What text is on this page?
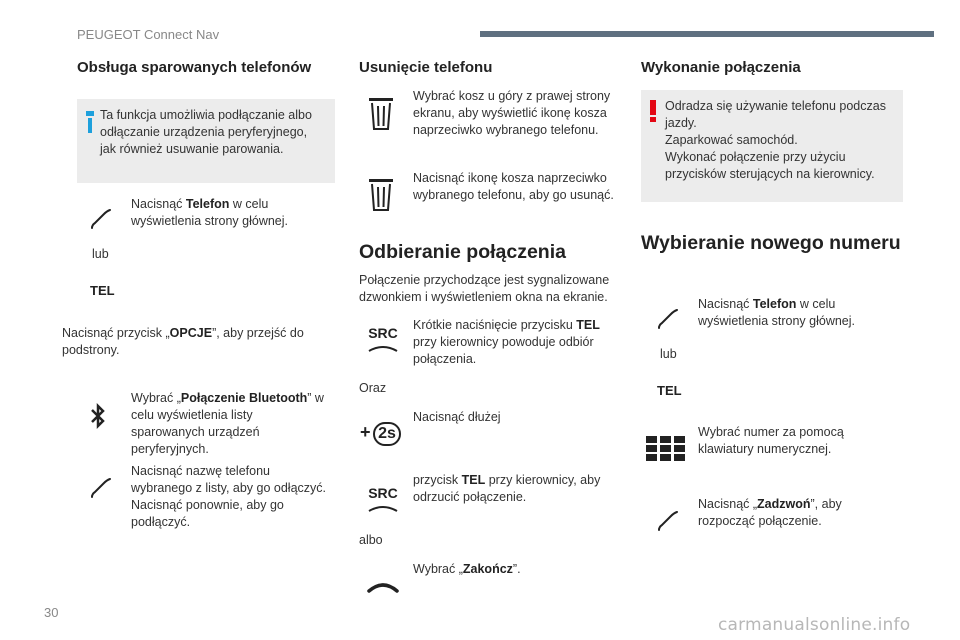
PEUGEOT Connect Nav
30
carmanualsonline.info
Obsługa sparowanych telefonów

Ta funkcja umożliwia podłączanie albo odłączanie urządzenia peryferyjnego, jak również usuwanie parowania.

Nacisnąć Telefon w celu wyświetlenia strony głównej.

lub
TEL

Nacisnąć przycisk „OPCJE”, aby przejść do podstrony.

Wybrać „Połączenie Bluetooth” w celu wyświetlenia listy sparowanych urządzeń peryferyjnych.

Nacisnąć nazwę telefonu wybranego z listy, aby go odłączyć. Nacisnąć ponownie, aby go podłączyć.

Usunięcie telefonu

Wybrać kosz u góry z prawej strony ekranu, aby wyświetlić ikonę kosza naprzeciwko wybranego telefonu.

Nacisnąć ikonę kosza naprzeciwko wybranego telefonu, aby go usunąć.

Odbieranie połączenia

Połączenie przychodzące jest sygnalizowane dzwonkiem i wyświetleniem okna na ekranie.

SRC Krótkie naciśnięcie przycisku TEL przy kierownicy powoduje odbiór połączenia.

Oraz
+ 2s

Nacisnąć dłużej

SRC

przycisk TEL przy kierownicy, aby odrzucić połączenie.

albo

Wybrać „Zakończ”.

Wykonanie połączenia

Odradza się używanie telefonu podczas jazdy.

Zaparkować samochód.

Wykonać połączenie przy użyciu przycisków sterujących na kierownicy.

Wybieranie nowego numeru

Nacisnąć Telefon w celu wyświetlenia strony głównej.

lub
TEL

Wybrać numer za pomocą klawiatury numerycznej.

Nacisnąć „Zadzwoń”, aby rozpocząć połączenie.
